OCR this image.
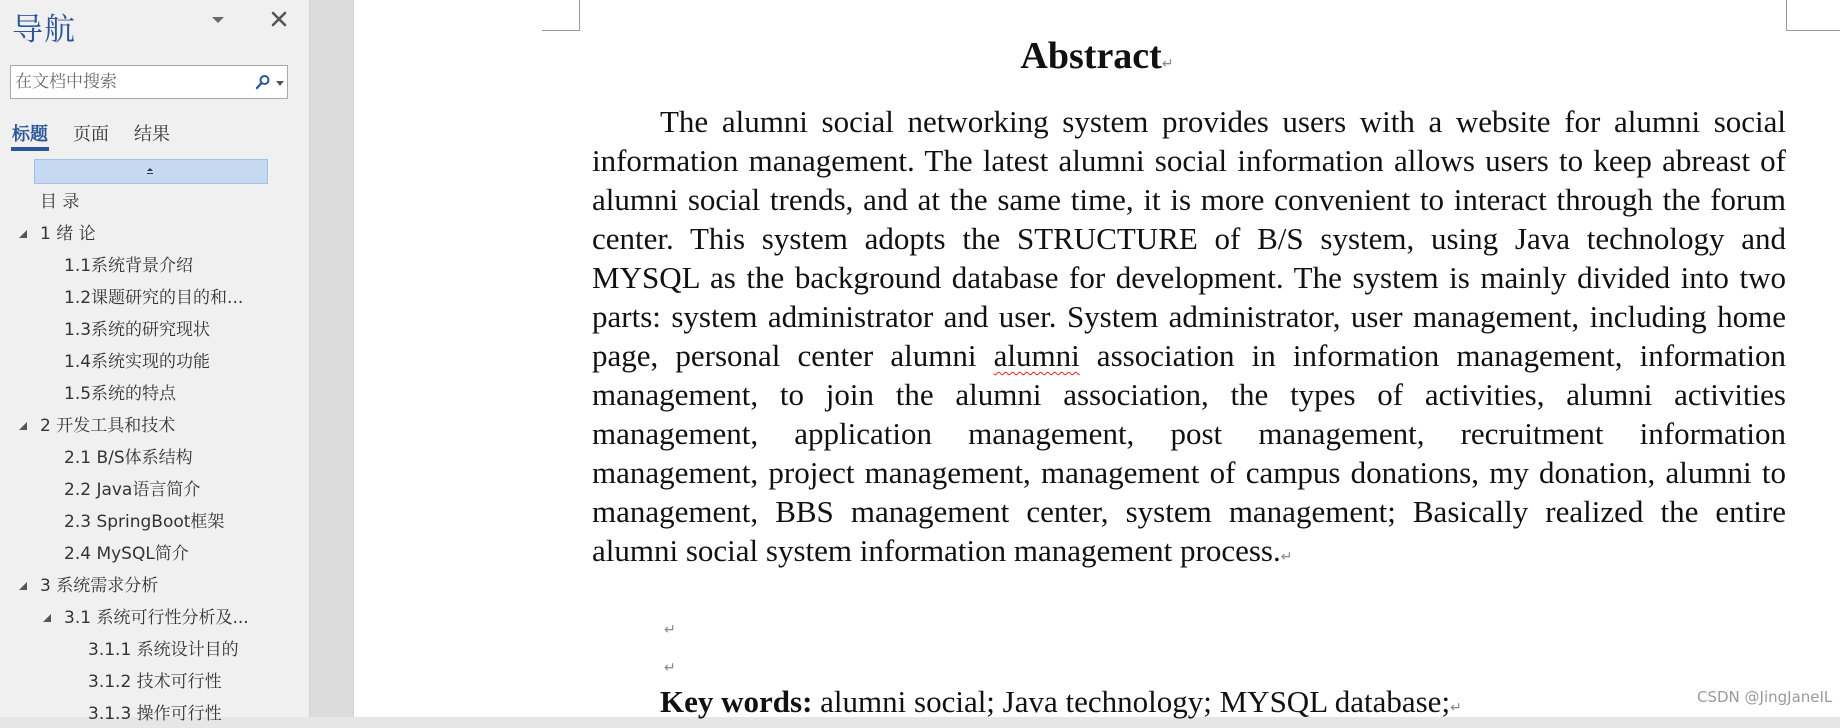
导航
在文档中搜索
标题 页面 结果
目 录
1 绪 论
1.1系统背景介绍
1.2课题研究的目的和...
1.3系统的研究现状
1.4系统实现的功能
1.5系统的特点
2 开发工具和技术
2.1 B/S体系结构
2.2 Java语言简介
2.3 SpringBoot框架
2.4 MySQL简介
3 系统需求分析
3.1 系统可行性分析及...
3.1.1 系统设计目的
3.1.2 技术可行性
3.1.3 操作可行性
Abstract↵

The alumni social networking system provides users with a website for alumni social information management. The latest alumni social information allows users to keep abreast of alumni social trends, and at the same time, it is more convenient to interact through the forum center. This system adopts the STRUCTURE of B/S system, using Java technology and MYSQL as the background database for development. The system is mainly divided into two parts: system administrator and user. System administrator, user management, including home page, personal center alumni alumni association in information management, information management, to join the alumni association, the types of activities, alumni activities management, application management, post management, recruitment information management, project management, management of campus donations, my donation, alumni to management, BBS management center, system management; Basically realized the entire alumni social system information management process.↵

↵
↵
Key words: alumni social; Java technology; MYSQL database;↵
CSDN @JingJaneIL
